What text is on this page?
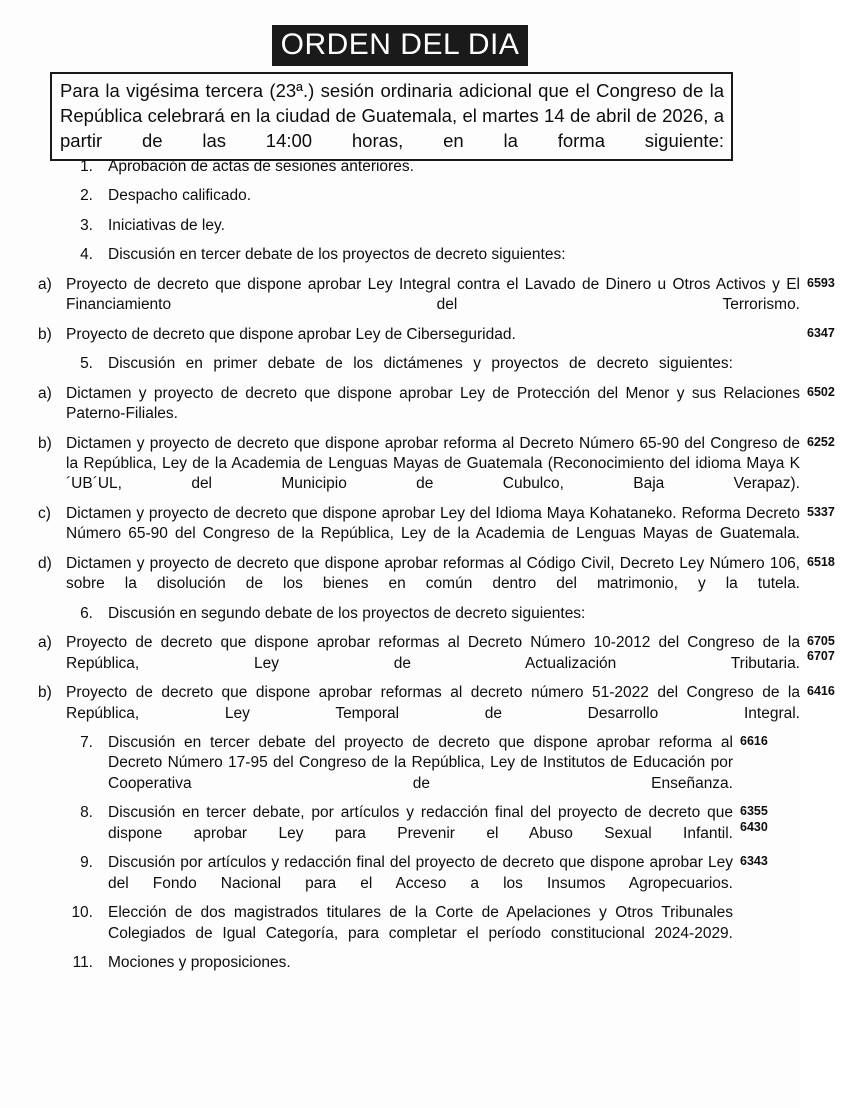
ORDEN DEL DIA

Para la vigésima tercera (23ª.) sesión ordinaria adicional que el Congreso de la República celebrará en la ciudad de Guatemala, el martes 14 de abril de 2026, a partir de las 14:00 horas, en la forma siguiente:

1. Aprobación de actas de sesiones anteriores.

2. Despacho calificado.

3. Iniciativas de ley.

4. Discusión en tercer debate de los proyectos de decreto siguientes:

a) Proyecto de decreto que dispone aprobar Ley Integral contra el Lavado de Dinero u Otros Activos y El Financiamiento del Terrorismo.

6593
b) Proyecto de decreto que dispone aprobar Ley de Ciberseguridad.	6347
5. Discusión en primer debate de los dictámenes y proyectos de decreto siguientes:

a) Dictamen y proyecto de decreto que dispone aprobar Ley de Protección del Menor y sus Relaciones Paterno-Filiales.

6502
b) Dictamen y proyecto de decreto que dispone aprobar reforma al Decreto Número 65-90 del Congreso de la República, Ley de la Academia de Lenguas Mayas de Guatemala (Reconocimiento del idioma Maya K´UB´UL, del Municipio de Cubulco, Baja Verapaz).

6252
c) Dictamen y proyecto de decreto que dispone aprobar Ley del Idioma Maya Kohataneko. Reforma Decreto Número 65-90 del Congreso de la República, Ley de la Academia de Lenguas Mayas de Guatemala.

5337
d) Dictamen y proyecto de decreto que dispone aprobar reformas al Código Civil, Decreto Ley Número 106, sobre la disolución de los bienes en común dentro del matrimonio, y la tutela.

6518
6. Discusión en segundo debate de los proyectos de decreto siguientes:

a) Proyecto de decreto que dispone aprobar reformas al Decreto Número 10-2012 del Congreso de la República, Ley de Actualización Tributaria.

6705
6707
b) Proyecto de decreto que dispone aprobar reformas al decreto número 51-2022 del Congreso de la República, Ley Temporal de Desarrollo Integral.

6416
7. Discusión en tercer debate del proyecto de decreto que dispone aprobar reforma al Decreto Número 17-95 del Congreso de la República, Ley de Institutos de Educación por Cooperativa de Enseñanza.

6616
8. Discusión en tercer debate, por artículos y redacción final del proyecto de decreto que dispone aprobar Ley para Prevenir el Abuso Sexual Infantil.

6355
6430
9. Discusión por artículos y redacción final del proyecto de decreto que dispone aprobar Ley del Fondo Nacional para el Acceso a los Insumos Agropecuarios.

6343
10. Elección de dos magistrados titulares de la Corte de Apelaciones y Otros Tribunales Colegiados de Igual Categoría, para completar el período constitucional 2024-2029.

11. Mociones y proposiciones.
